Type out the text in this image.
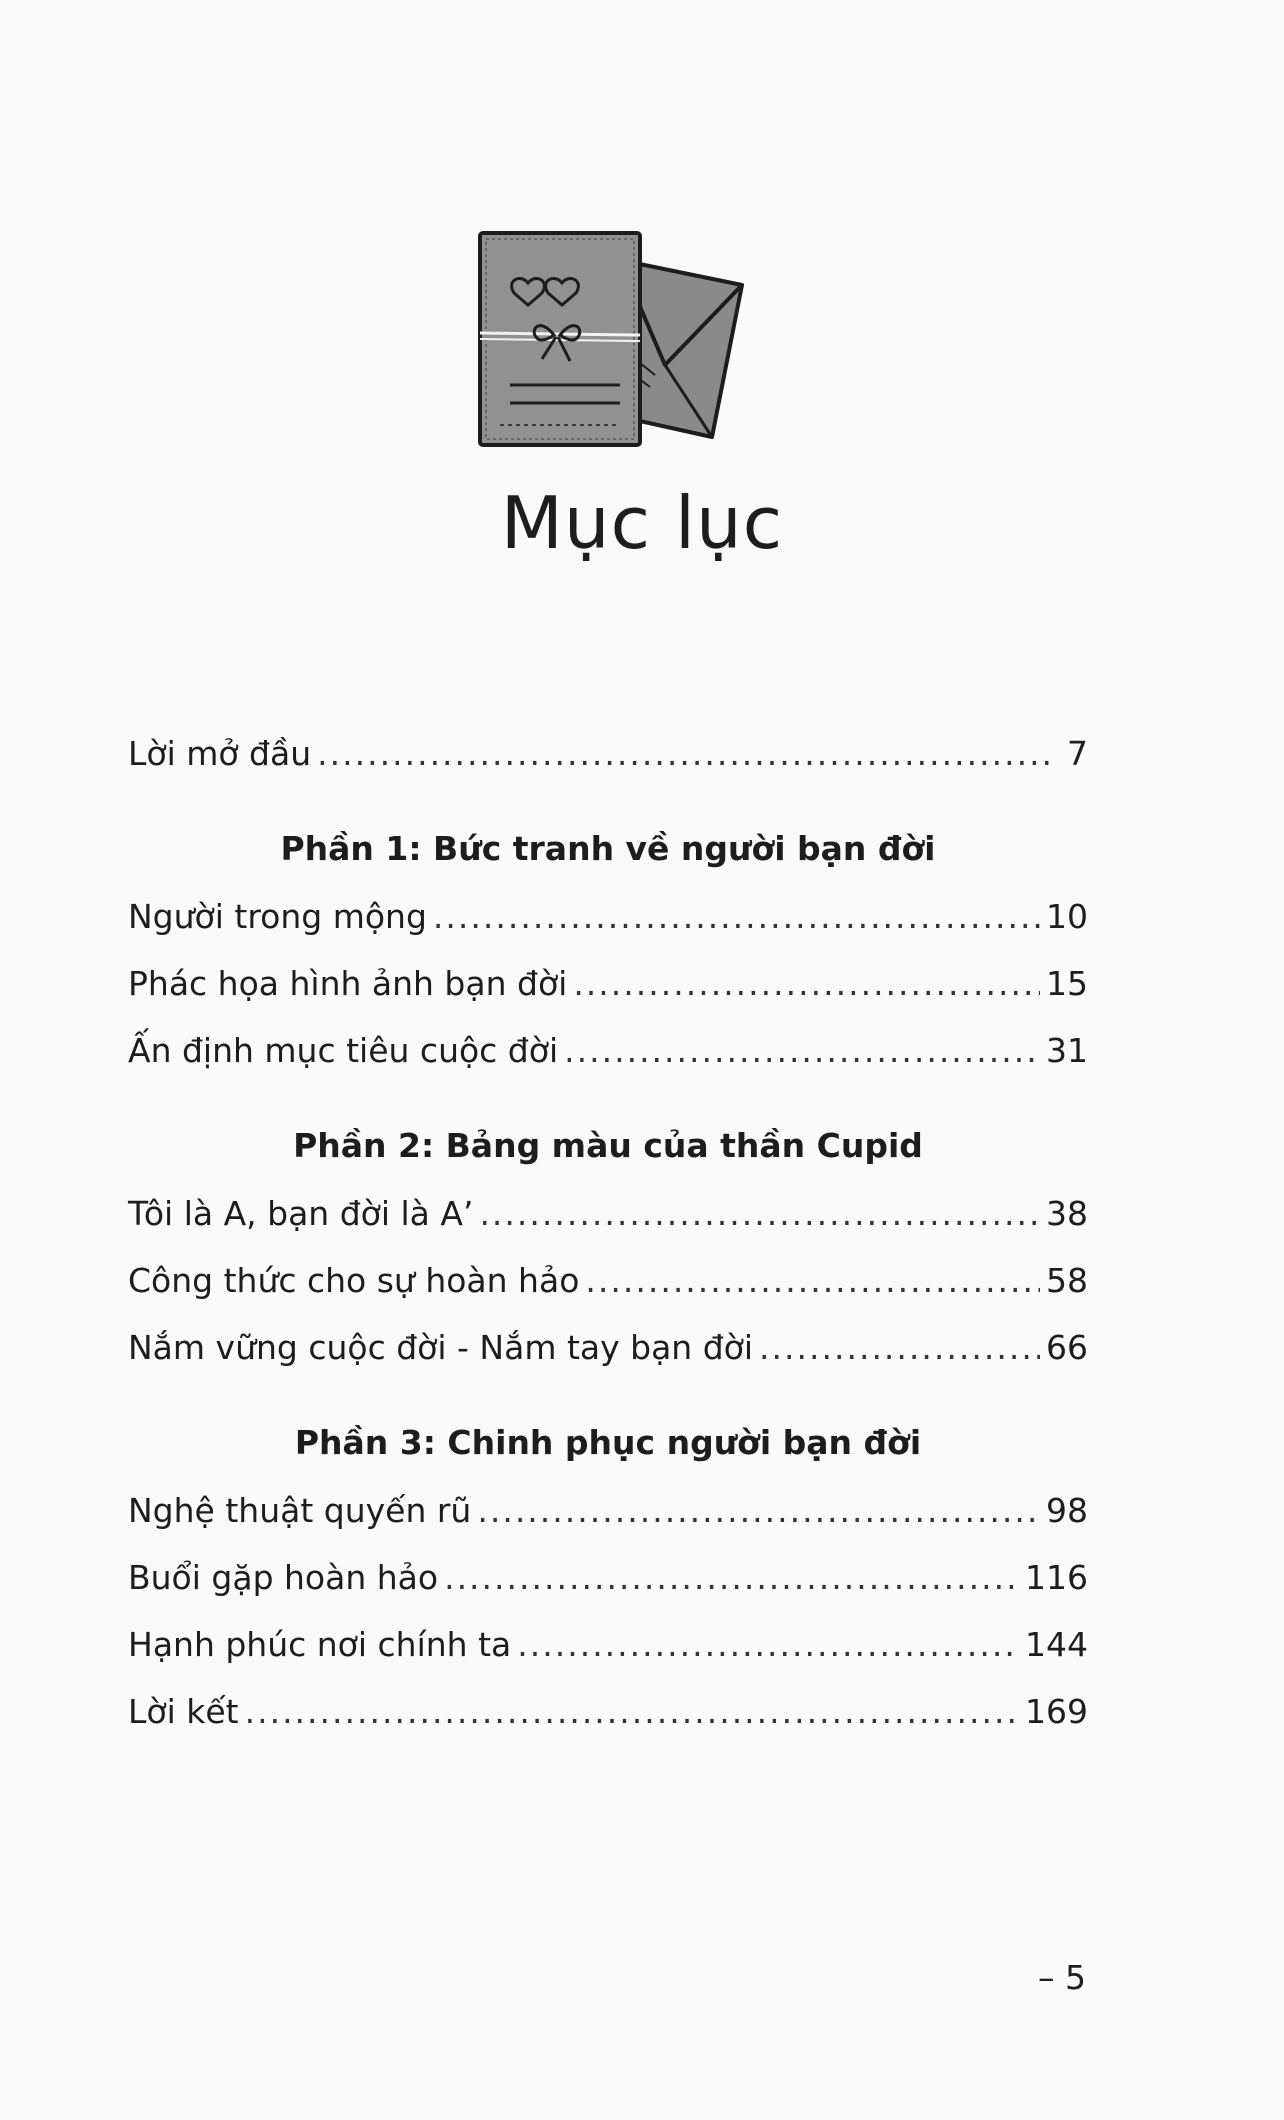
Mục lục
Lời mở đầu .....	7
Phần 1: Bức tranh về người bạn đời
Người trong mộng .....	10
Phác họa hình ảnh bạn đời .....	15
Ấn định mục tiêu cuộc đời .....	31
Phần 2: Bảng màu của thần Cupid
Tôi là A, bạn đời là A’ .....	38
Công thức cho sự hoàn hảo .....	58
Nắm vững cuộc đời - Nắm tay bạn đời .....	66
Phần 3: Chinh phục người bạn đời
Nghệ thuật quyến rũ .....	98
Buổi gặp hoàn hảo .....	116
Hạnh phúc nơi chính ta .....	144
Lời kết .....	169
– 5
